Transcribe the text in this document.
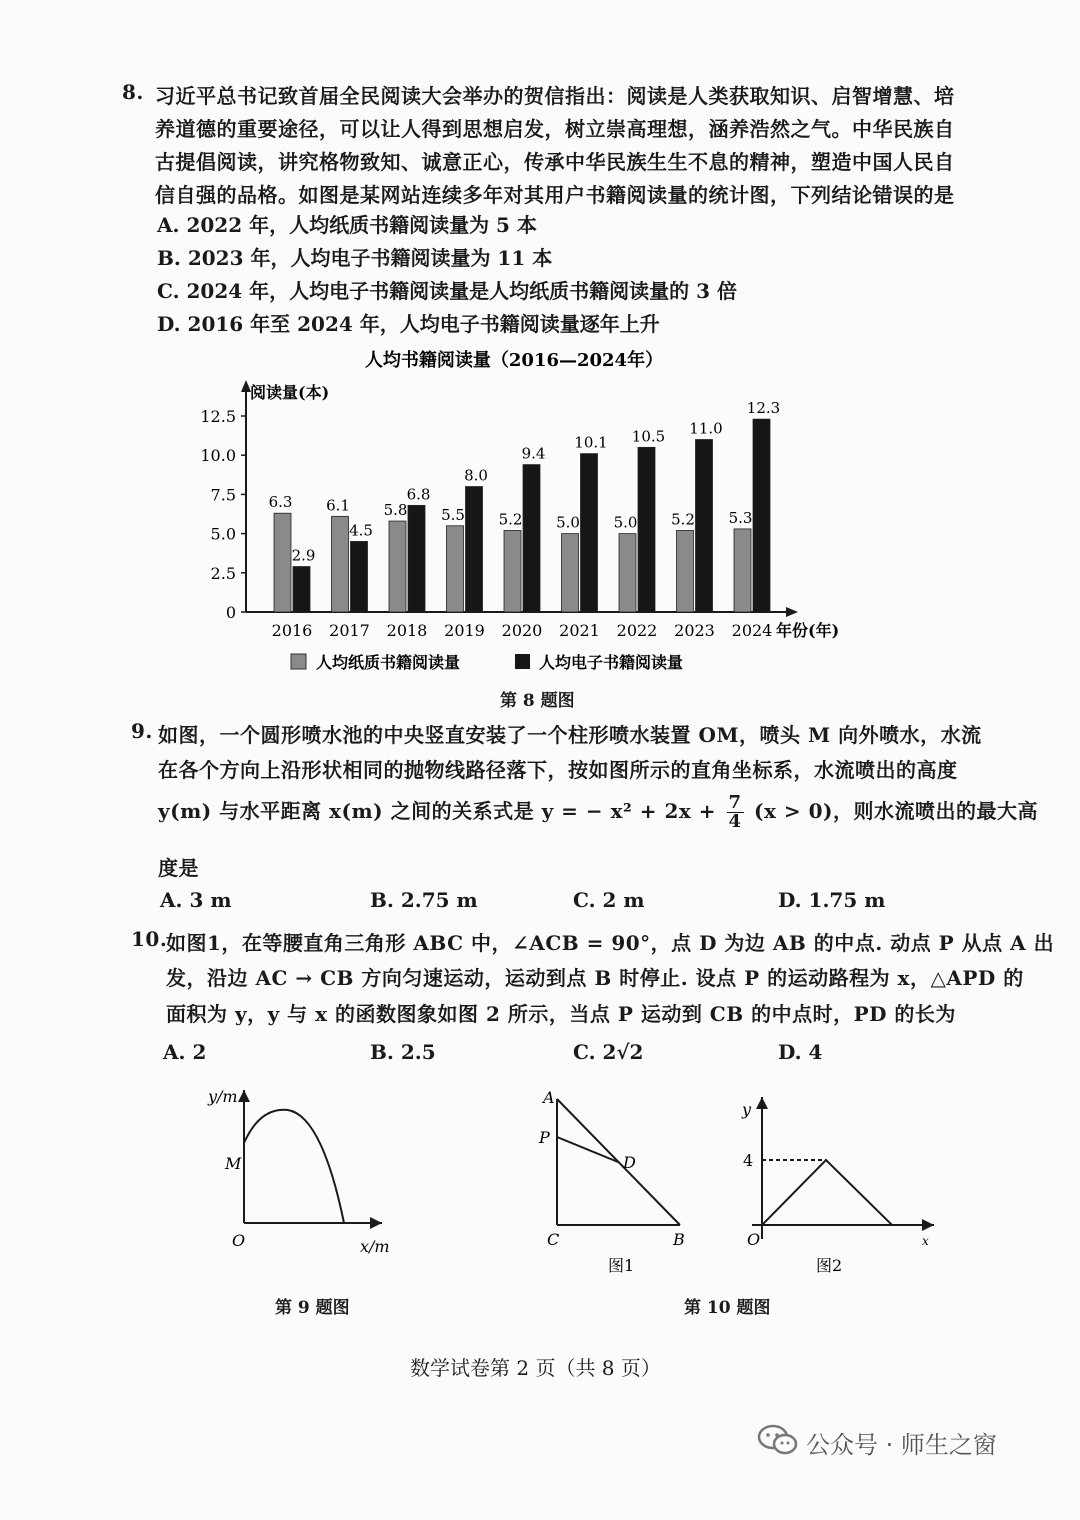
8. 习近平总书记致首届全民阅读大会举办的贺信指出：阅读是人类获取知识、启智增慧、培
养道德的重要途径，可以让人得到思想启发，树立崇高理想，涵养浩然之气。中华民族自
古提倡阅读，讲究格物致知、诚意正心，传承中华民族生生不息的精神，塑造中国人民自
信自强的品格。如图是某网站连续多年对其用户书籍阅读量的统计图，下列结论错误的是
A. 2022 年，人均纸质书籍阅读量为 5 本
B. 2023 年，人均电子书籍阅读量为 11 本
C. 2024 年，人均电子书籍阅读量是人均纸质书籍阅读量的 3 倍
D. 2016 年至 2024 年，人均电子书籍阅读量逐年上升
人均书籍阅读量（2016—2024年）
阅读量(本)
年份(年)
0
2.5
5.0
7.5
10.0
12.5
6.3
2.9
2016
6.1
4.5
2017
5.8
6.8
2018
5.5
8.0
2019
5.2
9.4
2020
5.0
10.1
2021
5.0
10.5
2022
5.2
11.0
2023
5.3
12.3
2024
人均纸质书籍阅读量	人均电子书籍阅读量
第 8 题图
9. 如图，一个圆形喷水池的中央竖直安装了一个柱形喷水装置 OM，喷头 M 向外喷水，水流
在各个方向上沿形状相同的抛物线路径落下，按如图所示的直角坐标系，水流喷出的高度
y(m) 与水平距离 x(m) 之间的关系式是 y = − $x^2 + 2x + \frac{7}{4} (x > 0)$，则水流喷出的最大高
度是
A. 3 m	B. 2.75 m	C. 2 m	D. 1.75 m
10.
如图1，在等腰直角三角形 ABC 中，∠ACB = 90°，点 D 为边 AB 的中点. 动点 P 从点 A 出
发，沿边 AC → CB 方向匀速运动，运动到点 B 时停止. 设点 P 的运动路程为 x，△APD 的
面积为 y，y 与 x 的函数图象如图 2 所示，当点 P 运动到 CB 的中点时，PD 的长为
A. 2	B. 2.5	C. 2√2	D. 4
y/m
x/m
O
M
第 9 题图
A
P
D
C	B
图1
y
4
O	x
图2
第 10 题图
数学试卷第 2 页（共 8 页）
公众号 · 师生之窗
